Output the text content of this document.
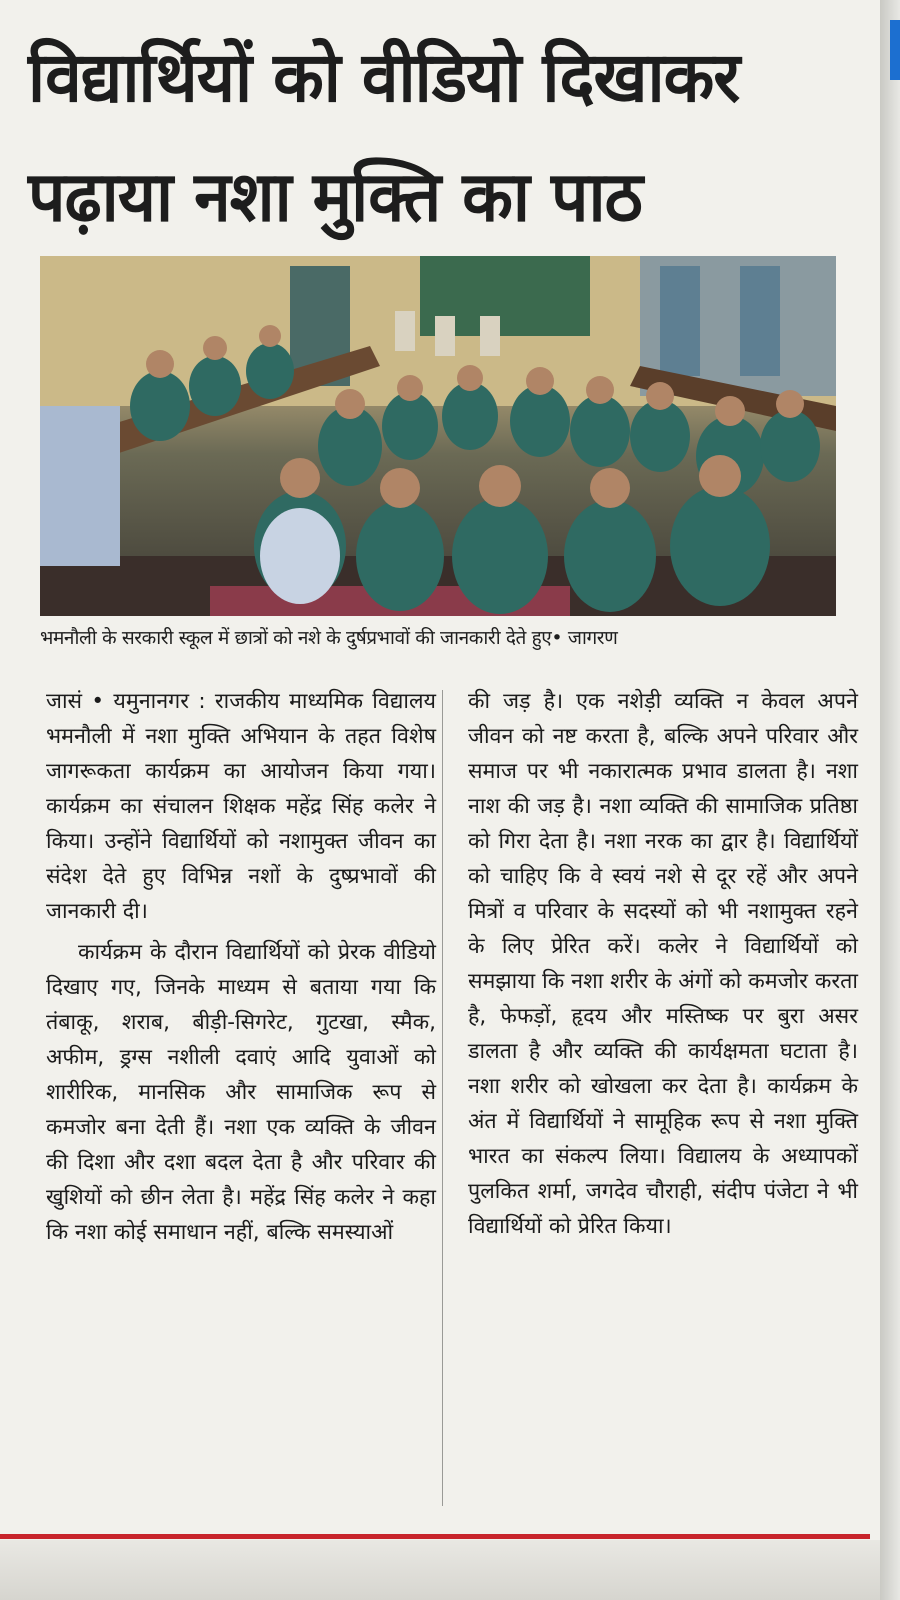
विद्यार्थियों को वीडियो दिखाकर
पढ़ाया नशा मुक्ति का पाठ
भमनौली के सरकारी स्कूल में छात्रों को नशे के दुर्षप्रभावों की जानकारी देते हुए• जागरण

जासं • यमुनानगर : राजकीय माध्यमिक विद्यालय भमनौली में नशा मुक्ति अभियान के तहत विशेष जागरूकता कार्यक्रम का आयोजन किया गया। कार्यक्रम का संचालन शिक्षक महेंद्र सिंह कलेर ने किया। उन्होंने विद्यार्थियों को नशामुक्त जीवन का संदेश देते हुए विभिन्न नशों के दुष्प्रभावों की जानकारी दी।

कार्यक्रम के दौरान विद्यार्थियों को प्रेरक वीडियो दिखाए गए, जिनके माध्यम से बताया गया कि तंबाकू, शराब, बीड़ी-सिगरेट, गुटखा, स्मैक, अफीम, ड्रग्स नशीली दवाएं आदि युवाओं को शारीरिक, मानसिक और सामाजिक रूप से कमजोर बना देती हैं। नशा एक व्यक्ति के जीवन की दिशा और दशा बदल देता है और परिवार की खुशियों को छीन लेता है। महेंद्र सिंह कलेर ने कहा कि नशा कोई समाधान नहीं, बल्कि समस्याओं

की जड़ है। एक नशेड़ी व्यक्ति न केवल अपने जीवन को नष्ट करता है, बल्कि अपने परिवार और समाज पर भी नकारात्मक प्रभाव डालता है। नशा नाश की जड़ है। नशा व्यक्ति की सामाजिक प्रतिष्ठा को गिरा देता है। नशा नरक का द्वार है। विद्यार्थियों को चाहिए कि वे स्वयं नशे से दूर रहें और अपने मित्रों व परिवार के सदस्यों को भी नशामुक्त रहने के लिए प्रेरित करें। कलेर ने विद्यार्थियों को समझाया कि नशा शरीर के अंगों को कमजोर करता है, फेफड़ों, हृदय और मस्तिष्क पर बुरा असर डालता है और व्यक्ति की कार्यक्षमता घटाता है। नशा शरीर को खोखला कर देता है। कार्यक्रम के अंत में विद्यार्थियों ने सामूहिक रूप से नशा मुक्ति भारत का संकल्प लिया। विद्यालय के अध्यापकों पुलकित शर्मा, जगदेव चौराही, संदीप पंजेटा ने भी विद्यार्थियों को प्रेरित किया।
